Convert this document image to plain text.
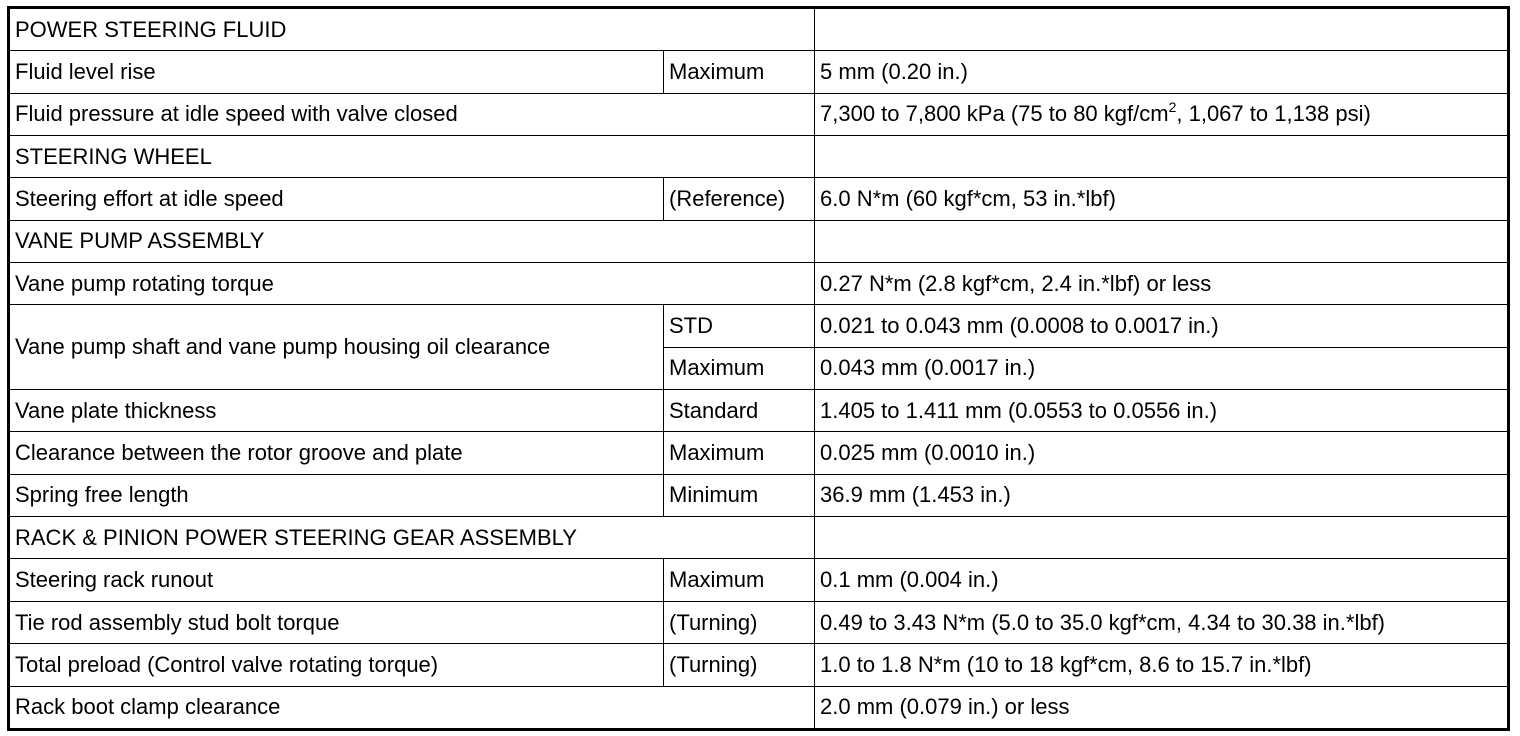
POWER STEERING FLUID		
Fluid level rise	Maximum	5 mm (0.20 in.)
Fluid pressure at idle speed with valve closed		7,300 to 7,800 kPa (75 to 80 kgf/$cm^2$, 1,067 to 1,138 psi)
STEERING WHEEL		
Steering effort at idle speed	(Reference)	6.0 N*m (60 kgf*cm, 53 in.*lbf)
VANE PUMP ASSEMBLY		
Vane pump rotating torque		0.27 N*m (2.8 kgf*cm, 2.4 in.*lbf) or less
Vane pump shaft and vane pump housing oil clearance	STD	0.021 to 0.043 mm (0.0008 to 0.0017 in.)
	Maximum	0.043 mm (0.0017 in.)
Vane plate thickness	Standard	1.405 to 1.411 mm (0.0553 to 0.0556 in.)
Clearance between the rotor groove and plate	Maximum	0.025 mm (0.0010 in.)
Spring free length	Minimum	36.9 mm (1.453 in.)
RACK & PINION POWER STEERING GEAR ASSEMBLY		
Steering rack runout	Maximum	0.1 mm (0.004 in.)
Tie rod assembly stud bolt torque	(Turning)	0.49 to 3.43 N*m (5.0 to 35.0 kgf*cm, 4.34 to 30.38 in.*lbf)
Total preload (Control valve rotating torque)	(Turning)	1.0 to 1.8 N*m (10 to 18 kgf*cm, 8.6 to 15.7 in.*lbf)
Rack boot clamp clearance		2.0 mm (0.079 in.) or less
